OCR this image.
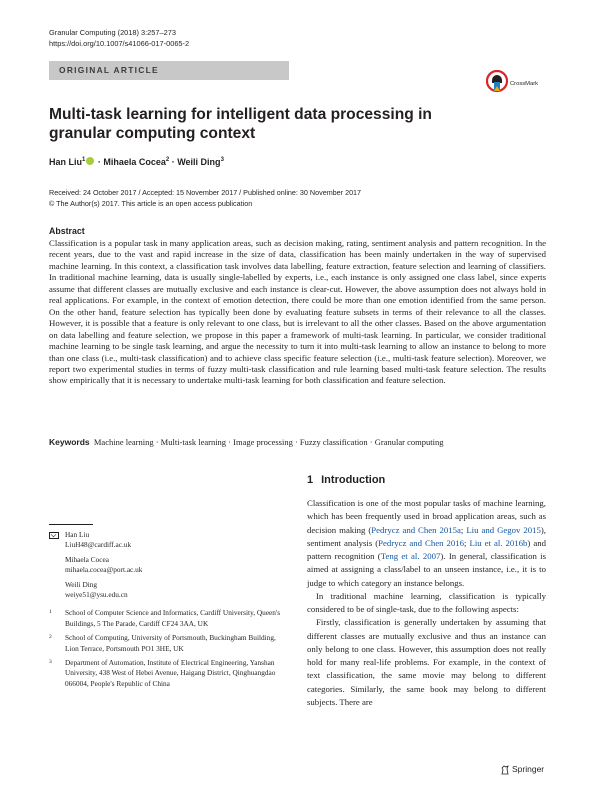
Granular Computing (2018) 3:257–273
https://doi.org/10.1007/s41066-017-0065-2
ORIGINAL ARTICLE
CrossMark
Multi-task learning for intelligent data processing in granular computing context
Han Liu$^1$ · Mihaela Cocea$^2$ · Weili Ding$^3$
Received: 24 October 2017 / Accepted: 15 November 2017 / Published online: 30 November 2017
© The Author(s) 2017. This article is an open access publication
Abstract

Classification is a popular task in many application areas, such as decision making, rating, sentiment analysis and pattern recognition. In the recent years, due to the vast and rapid increase in the size of data, classification has been mainly undertaken in the way of supervised machine learning. In this context, a classification task involves data labelling, feature extraction, feature selection and learning of classifiers. In traditional machine learning, data is usually single-labelled by experts, i.e., each instance is only assigned one class label, since experts assume that different classes are mutually exclusive and each instance is clear-cut. However, the above assumption does not always hold in real applications. For example, in the context of emotion detection, there could be more than one emotion identified from the same person. On the other hand, feature selection has typically been done by evaluating feature subsets in terms of their relevance to all the classes. However, it is possible that a feature is only relevant to one class, but is irrelevant to all the other classes. Based on the above argumentation on data labelling and feature selection, we propose in this paper a framework of multi-task learning. In particular, we consider traditional machine learning to be single task learning, and argue the necessity to turn it into multi-task learning to allow an instance to belong to more than one class (i.e., multi-task classification) and to achieve class specific feature selection (i.e., multi-task feature selection). Moreover, we report two experimental studies in terms of fuzzy multi-task classification and rule learning based multi-task feature selection. The results show empirically that it is necessary to undertake multi-task learning for both classification and feature selection.

Keywords Machine learning · Multi-task learning · Image processing · Fuzzy classification · Granular computing
1 Introduction

Classification is one of the most popular tasks of machine learning, which has been frequently used in broad application areas, such as decision making (Pedrycz and Chen 2015a; Liu and Gegov 2015), sentiment analysis (Pedrycz and Chen 2016; Liu et al. 2016b) and pattern recognition (Teng et al. 2007). In general, classification is aimed at assigning a class/label to an unseen instance, i.e., it is to judge to which category an instance belongs.

In traditional machine learning, classification is typically considered to be of single-task, due to the following aspects:

Firstly, classification is generally undertaken by assuming that different classes are mutually exclusive and thus an instance can only belong to one class. However, this assumption does not really hold for many real-life problems. For example, in the context of text classification, the same movie may belong to different categories. Similarly, the same book may belong to different subjects. There are

Han Liu
LiuH48@cardiff.ac.uk
Mihaela Cocea
mihaela.cocea@port.ac.uk
Weili Ding
weiye51@ysu.edu.cn
1 School of Computer Science and Informatics, Cardiff University, Queen's Buildings, 5 The Parade, Cardiff CF24 3AA, UK
2 School of Computing, University of Portsmouth, Buckingham Building, Lion Terrace, Portsmouth PO1 3HE, UK
3 Department of Automation, Institute of Electrical Engineering, Yanshan University, 438 West of Hebei Avenue, Haigang District, Qinghuangdao 066004, People's Republic of China
Springer
